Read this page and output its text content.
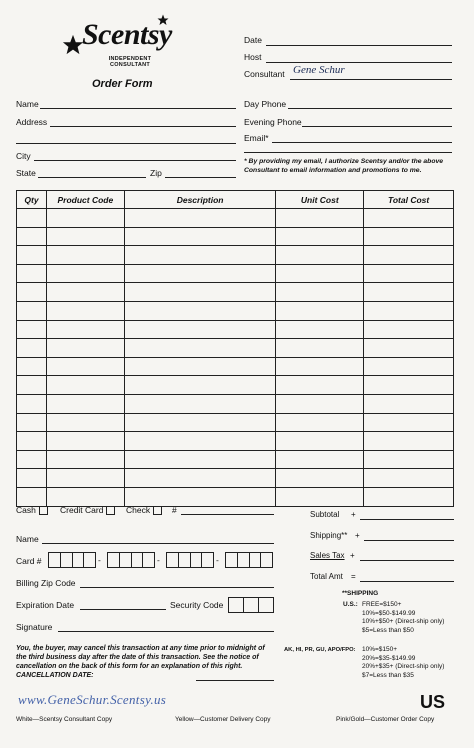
Scentsy
INDEPENDENT
CONSULTANT
Order Form
Date
Host
Consultant Gene Schur
Name
Address
City
State	Zip
Day Phone
Evening Phone
Email*
* By providing my email, I authorize Scentsy and/or the above Consultant to email information and promotions to me.
Qty	Product Code	Description	Unit Cost	Total Cost

Cash	Credit Card	Check	#
Name
Card #	-	-	-
Billing Zip Code
Expiration Date	Security Code
Signature
Subtotal +
Shipping** +
Sales Tax +
Total Amt =
**SHIPPING
U.S.: FREE=$150+
10%=$50-$149.99
10%+$50+ (Direct-ship only)
$5=Less than $50
AK, HI, PR, GU, APO/FPO: 10%=$150+
20%=$35-$149.99
20%+$35+ (Direct-ship only)
$7=Less than $35
You, the buyer, may cancel this transaction at any time prior to midnight of the third business day after the date of this transaction. See the notice of cancellation on the back of this form for an explanation of this right. CANCELLATION DATE:
www.GeneSchur.Scentsy.us	US
White—Scentsy Consultant Copy	Yellow—Customer Delivery Copy	Pink/Gold—Customer Order Copy
